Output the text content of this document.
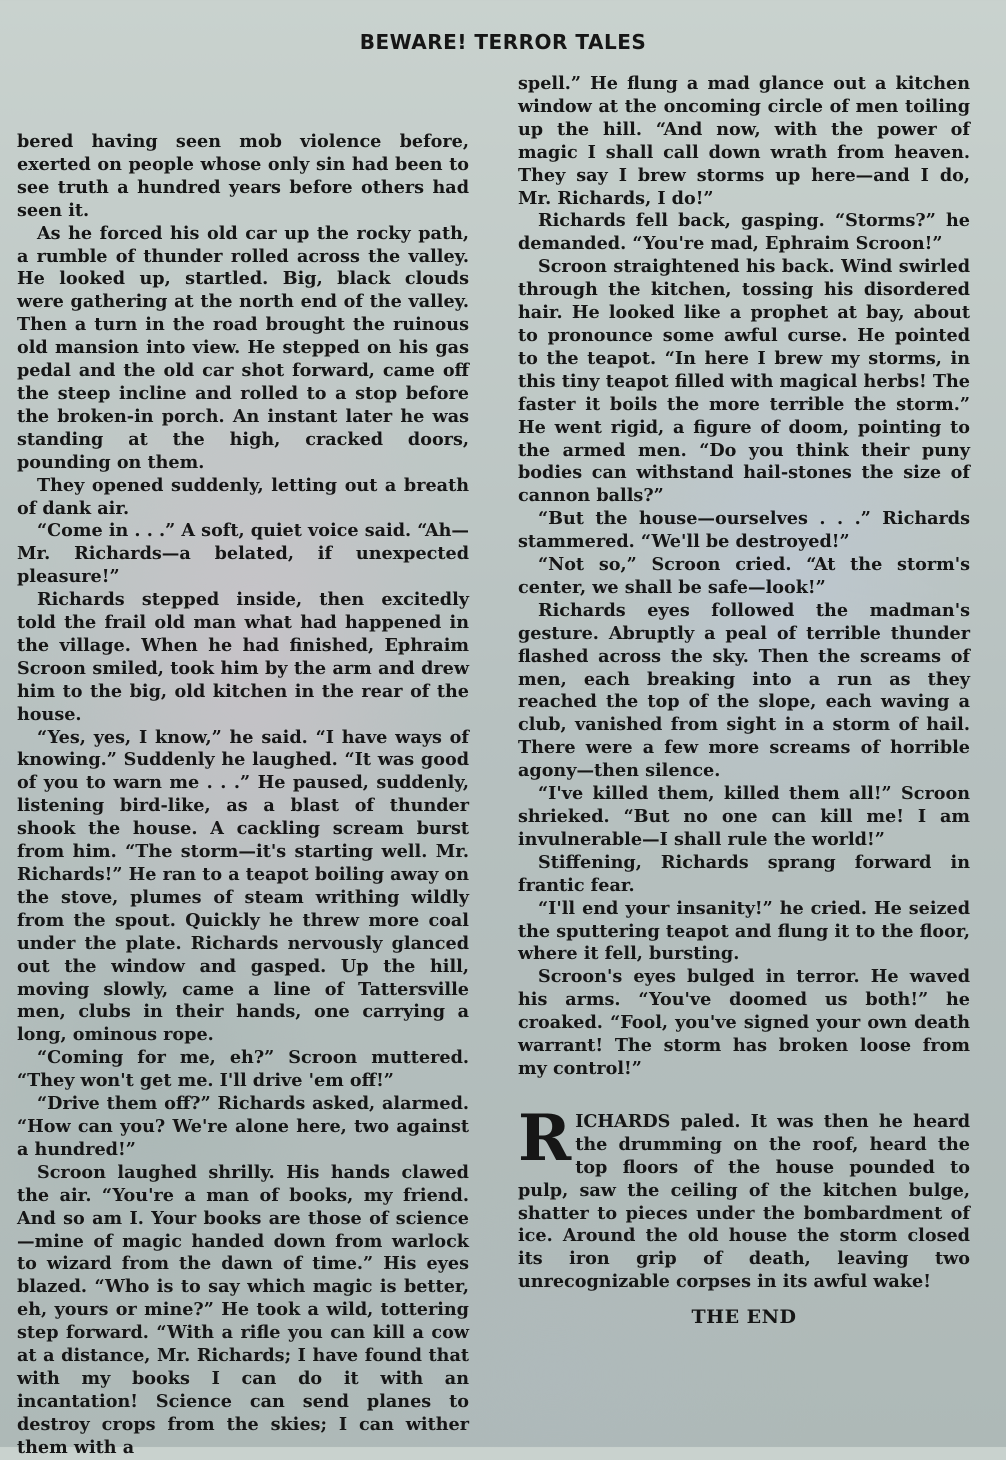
BEWARE! TERROR TALES

bered having seen mob violence before, exerted on people whose only sin had been to see truth a hundred years before others had seen it.

As he forced his old car up the rocky path, a rumble of thunder rolled across the valley. He looked up, startled. Big, black clouds were gathering at the north end of the valley. Then a turn in the road brought the ruinous old mansion into view. He stepped on his gas pedal and the old car shot forward, came off the steep incline and rolled to a stop before the broken-in porch. An instant later he was standing at the high, cracked doors, pounding on them.

They opened suddenly, letting out a breath of dank air.

“Come in . . .” A soft, quiet voice said. “Ah—Mr. Richards—a belated, if unexpected pleasure!”

Richards stepped inside, then excitedly told the frail old man what had happened in the village. When he had finished, Ephraim Scroon smiled, took him by the arm and drew him to the big, old kitchen in the rear of the house.

“Yes, yes, I know,” he said. “I have ways of knowing.” Suddenly he laughed. “It was good of you to warn me . . .” He paused, suddenly, listening bird-like, as a blast of thunder shook the house. A cackling scream burst from him. “The storm—it's starting well. Mr. Richards!” He ran to a teapot boiling away on the stove, plumes of steam writhing wildly from the spout. Quickly he threw more coal under the plate. Richards nervously glanced out the window and gasped. Up the hill, moving slowly, came a line of Tattersville men, clubs in their hands, one carrying a long, ominous rope.

“Coming for me, eh?” Scroon muttered. “They won't get me. I'll drive 'em off!”

“Drive them off?” Richards asked, alarmed. “How can you? We're alone here, two against a hundred!”

Scroon laughed shrilly. His hands clawed the air. “You're a man of books, my friend. And so am I. Your books are those of science —mine of magic handed down from warlock to wizard from the dawn of time.” His eyes blazed. “Who is to say which magic is better, eh, yours or mine?” He took a wild, tottering step forward. “With a rifle you can kill a cow at a distance, Mr. Richards; I have found that with my books I can do it with an incantation! Science can send planes to destroy crops from the skies; I can wither them with a

spell.” He flung a mad glance out a kitchen window at the oncoming circle of men toiling up the hill. “And now, with the power of magic I shall call down wrath from heaven. They say I brew storms up here—and I do, Mr. Richards, I do!”

Richards fell back, gasping. “Storms?” he demanded. “You're mad, Ephraim Scroon!”

Scroon straightened his back. Wind swirled through the kitchen, tossing his disordered hair. He looked like a prophet at bay, about to pronounce some awful curse. He pointed to the teapot. “In here I brew my storms, in this tiny teapot filled with magical herbs! The faster it boils the more terrible the storm.” He went rigid, a figure of doom, pointing to the armed men. “Do you think their puny bodies can withstand hail-stones the size of cannon balls?”

“But the house—ourselves . . .” Richards stammered. “We'll be destroyed!”

“Not so,” Scroon cried. “At the storm's center, we shall be safe—look!”

Richards eyes followed the madman's gesture. Abruptly a peal of terrible thunder flashed across the sky. Then the screams of men, each breaking into a run as they reached the top of the slope, each waving a club, vanished from sight in a storm of hail. There were a few more screams of horrible agony—then silence.

“I've killed them, killed them all!” Scroon shrieked. “But no one can kill me! I am invulnerable—I shall rule the world!”

Stiffening, Richards sprang forward in frantic fear.

“I'll end your insanity!” he cried. He seized the sputtering teapot and flung it to the floor, where it fell, bursting.

Scroon's eyes bulged in terror. He waved his arms. “You've doomed us both!” he croaked. “Fool, you've signed your own death warrant! The storm has broken loose from my control!”

RICHARDS paled. It was then he heard the drumming on the roof, heard the top floors of the house pounded to pulp, saw the ceiling of the kitchen bulge, shatter to pieces under the bombardment of ice. Around the old house the storm closed its iron grip of death, leaving two unrecognizable corpses in its awful wake!

THE END
